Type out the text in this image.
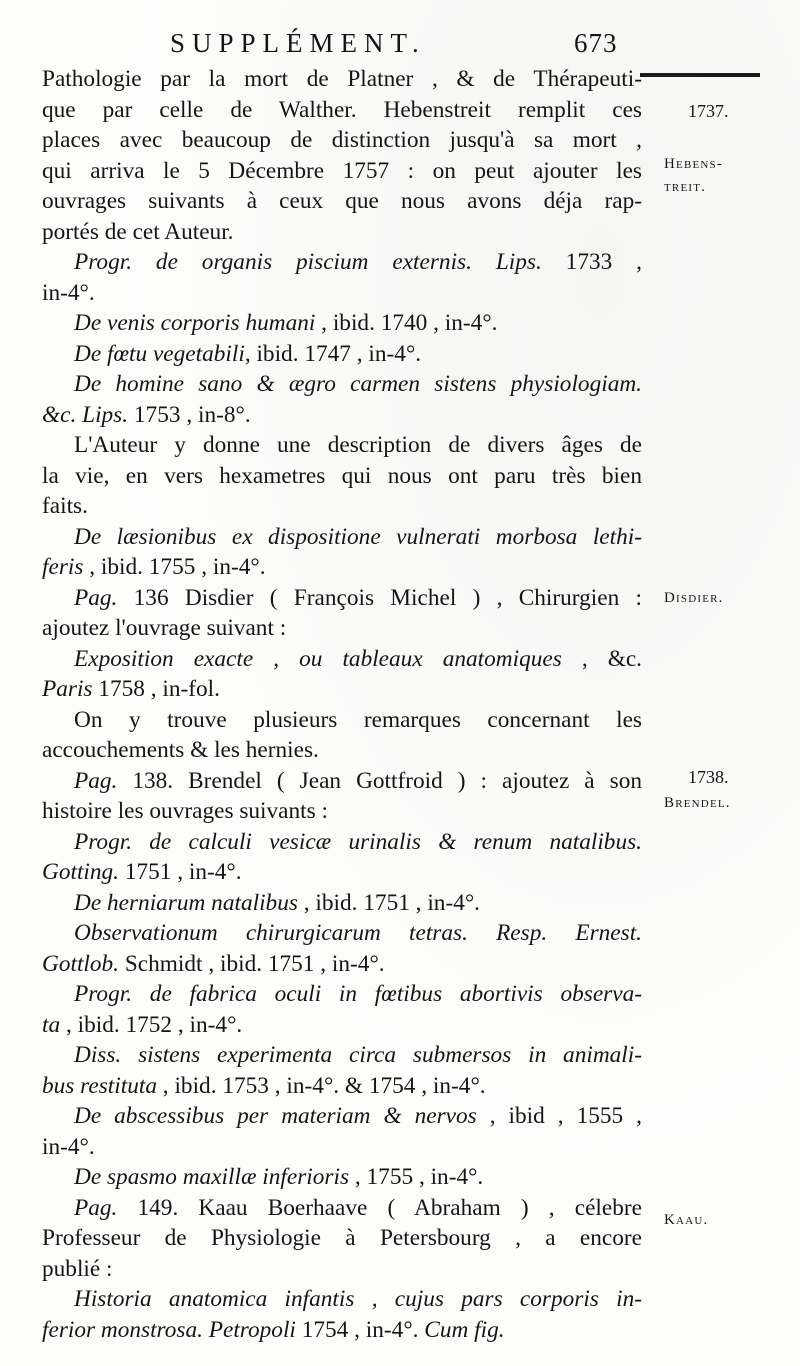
SUPPLÉMENT.	673
Pathologie par la mort de Platner , & de Thérapeuti-
que par celle de Walther. Hebenstreit remplit ces
places avec beaucoup de distinction jusqu'à sa mort ,
qui arriva le 5 Décembre 1757 : on peut ajouter les
ouvrages suivants à ceux que nous avons déja rap-
portés de cet Auteur.
Progr. de organis piscium externis. Lips. 1733 ,
in-4°.
De venis corporis humani , ibid. 1740 , in-4°.
De fœtu vegetabili, ibid. 1747 , in-4°.
De homine sano & ægro carmen sistens physiologiam.
&c. Lips. 1753 , in-8°.
L'Auteur y donne une description de divers âges de
la vie, en vers hexametres qui nous ont paru très bien
faits.
De læsionibus ex dispositione vulnerati morbosa lethi-
feris , ibid. 1755 , in-4°.
Pag. 136 Disdier ( François Michel ) , Chirurgien :
ajoutez l'ouvrage suivant :
Exposition exacte , ou tableaux anatomiques , &c.
Paris 1758 , in-fol.
On y trouve plusieurs remarques concernant les
accouchements & les hernies.
Pag. 138. Brendel ( Jean Gottfroid ) : ajoutez à son
histoire les ouvrages suivants :
Progr. de calculi vesicæ urinalis & renum natalibus.
Gotting. 1751 , in-4°.
De herniarum natalibus , ibid. 1751 , in-4°.
Observationum chirurgicarum tetras. Resp. Ernest.
Gottlob. Schmidt , ibid. 1751 , in-4°.
Progr. de fabrica oculi in fœtibus abortivis observa-
ta , ibid. 1752 , in-4°.
Diss. sistens experimenta circa submersos in animali-
bus restituta , ibid. 1753 , in-4°. & 1754 , in-4°.
De abscessibus per materiam & nervos , ibid , 1555 ,
in-4°.
De spasmo maxillæ inferioris , 1755 , in-4°.
Pag. 149. Kaau Boerhaave ( Abraham ) , célebre
Professeur de Physiologie à Petersbourg , a encore
publié :
Historia anatomica infantis , cujus pars corporis in-
ferior monstrosa. Petropoli 1754 , in-4°. Cum fig.
1737.
Hebens-
treit.
Disdier.
1738.
Brendel.
Kaau.
